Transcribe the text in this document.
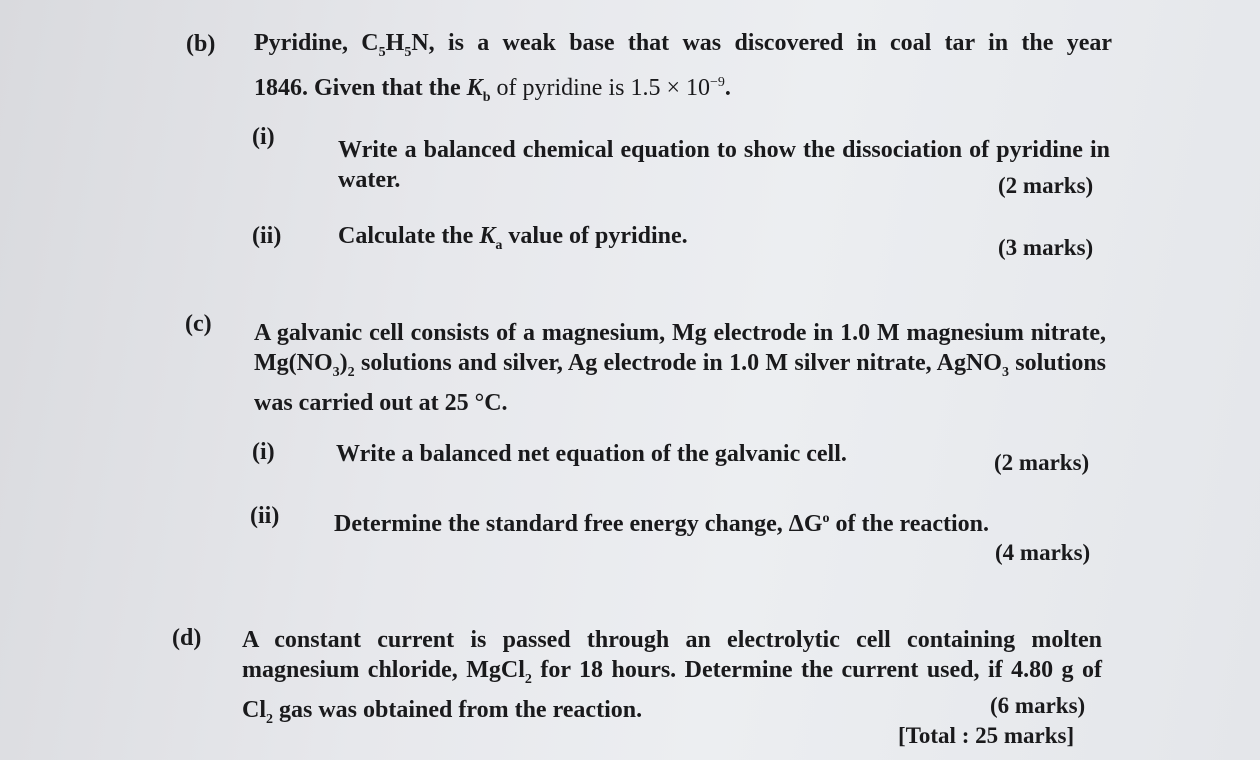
(b) Pyridine, $C_5H_5N$, is a weak base that was discovered in coal tar in the year
1846. Given that the $K_b$ of pyridine is $1.5 \times 10^{-9}$.
(i)	Write a balanced chemical equation to show the dissociation of pyridine in water.	(2 marks)
(ii) Calculate the $K_a$ value of pyridine.	(3 marks)
(c) A galvanic cell consists of a magnesium, Mg electrode in 1.0 M magnesium nitrate, $Mg(NO_3)_2$ solutions and silver, Ag electrode in 1.0 M silver nitrate, AgNO$_3$ solutions was carried out at 25 °C.
(i)	Write a balanced net equation of the galvanic cell.	(2 marks)
(ii) Determine the standard free energy change, $\Delta G^o$ of the reaction.
(4 marks)
(d) A constant current is passed through an electrolytic cell containing molten magnesium chloride, MgCl$_2$ for 18 hours. Determine the current used, if 4.80 g of $Cl_2$ gas was obtained from the reaction.	(6 marks)
[Total : 25 marks]
